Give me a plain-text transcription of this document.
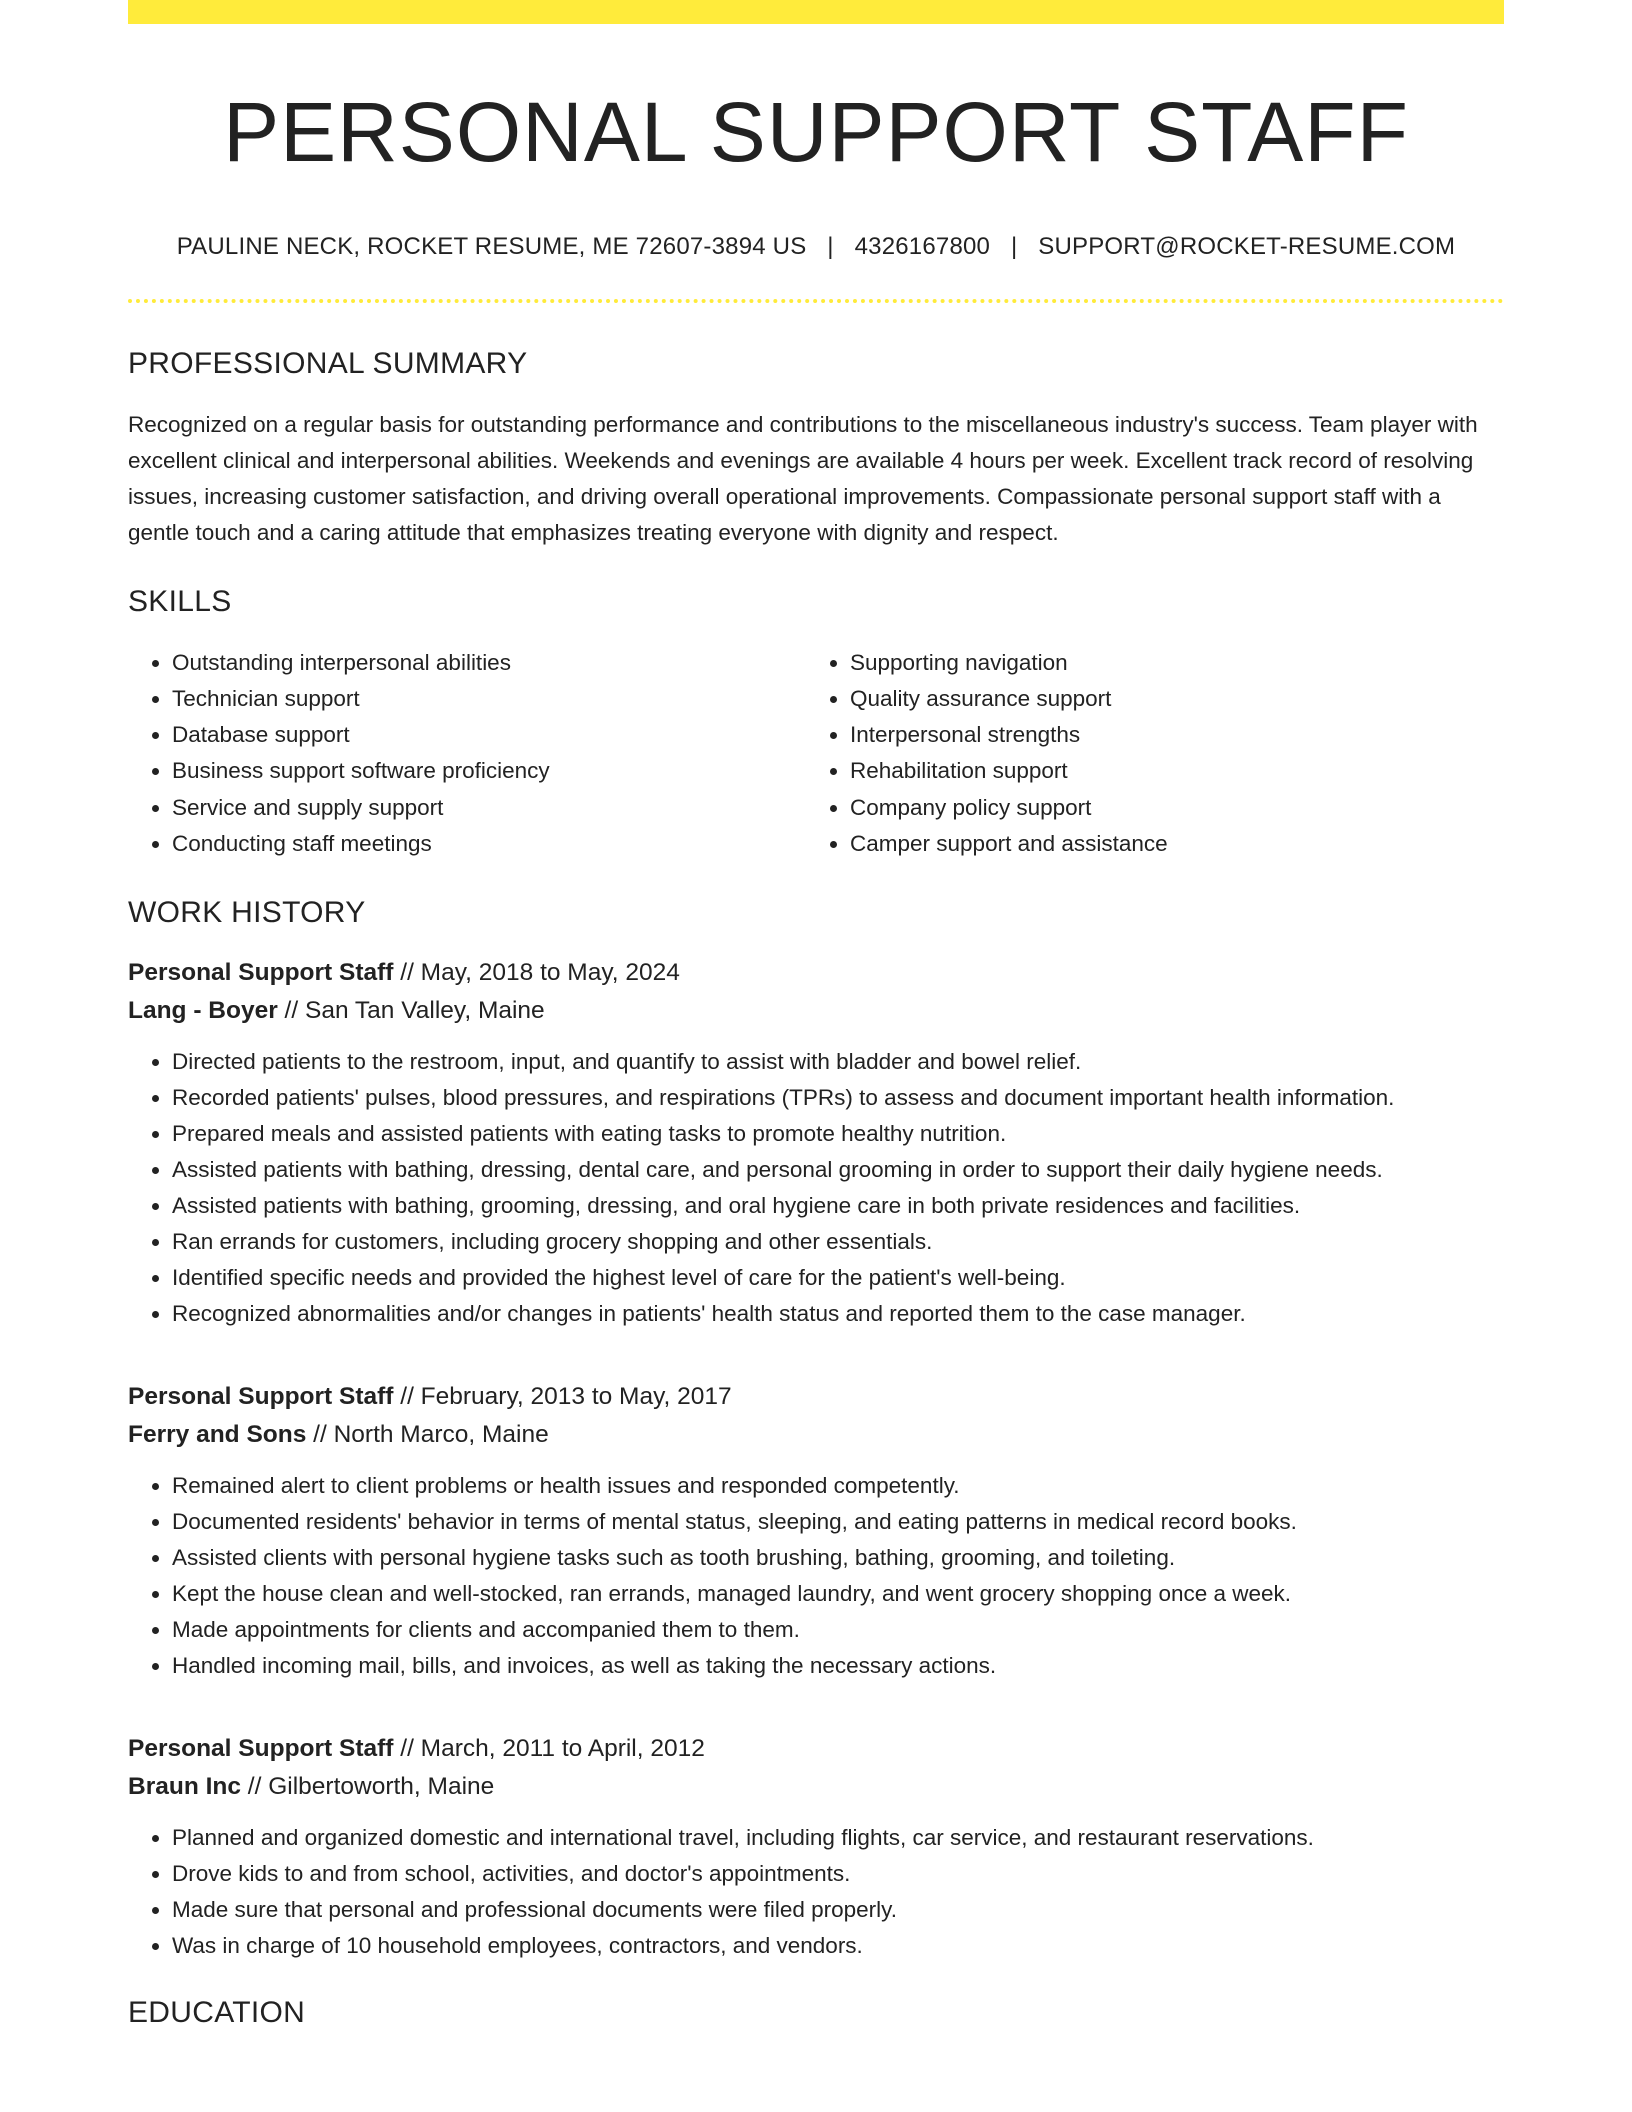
PERSONAL SUPPORT STAFF
PAULINE NECK, ROCKET RESUME, ME 72607-3894 US | 4326167800 | SUPPORT@ROCKET-RESUME.COM
PROFESSIONAL SUMMARY

Recognized on a regular basis for outstanding performance and contributions to the miscellaneous industry's success. Team player with excellent clinical and interpersonal abilities. Weekends and evenings are available 4 hours per week. Excellent track record of resolving issues, increasing customer satisfaction, and driving overall operational improvements. Compassionate personal support staff with a gentle touch and a caring attitude that emphasizes treating everyone with dignity and respect.

SKILLS
• Outstanding interpersonal abilities
• Technician support
• Database support
• Business support software proficiency
• Service and supply support
• Conducting staff meetings
• Supporting navigation
• Quality assurance support
• Interpersonal strengths
• Rehabilitation support
• Company policy support
• Camper support and assistance
WORK HISTORY
Personal Support Staff // May, 2018 to May, 2024
Lang - Boyer // San Tan Valley, Maine
• Directed patients to the restroom, input, and quantify to assist with bladder and bowel relief.
• Recorded patients' pulses, blood pressures, and respirations (TPRs) to assess and document important health information.
• Prepared meals and assisted patients with eating tasks to promote healthy nutrition.
• Assisted patients with bathing, dressing, dental care, and personal grooming in order to support their daily hygiene needs.
• Assisted patients with bathing, grooming, dressing, and oral hygiene care in both private residences and facilities.
• Ran errands for customers, including grocery shopping and other essentials.
• Identified specific needs and provided the highest level of care for the patient's well-being.
• Recognized abnormalities and/or changes in patients' health status and reported them to the case manager.
Personal Support Staff // February, 2013 to May, 2017
Ferry and Sons // North Marco, Maine
• Remained alert to client problems or health issues and responded competently.
• Documented residents' behavior in terms of mental status, sleeping, and eating patterns in medical record books.
• Assisted clients with personal hygiene tasks such as tooth brushing, bathing, grooming, and toileting.
• Kept the house clean and well-stocked, ran errands, managed laundry, and went grocery shopping once a week.
• Made appointments for clients and accompanied them to them.
• Handled incoming mail, bills, and invoices, as well as taking the necessary actions.
Personal Support Staff // March, 2011 to April, 2012
Braun Inc // Gilbertoworth, Maine
• Planned and organized domestic and international travel, including flights, car service, and restaurant reservations.
• Drove kids to and from school, activities, and doctor's appointments.
• Made sure that personal and professional documents were filed properly.
• Was in charge of 10 household employees, contractors, and vendors.
EDUCATION
